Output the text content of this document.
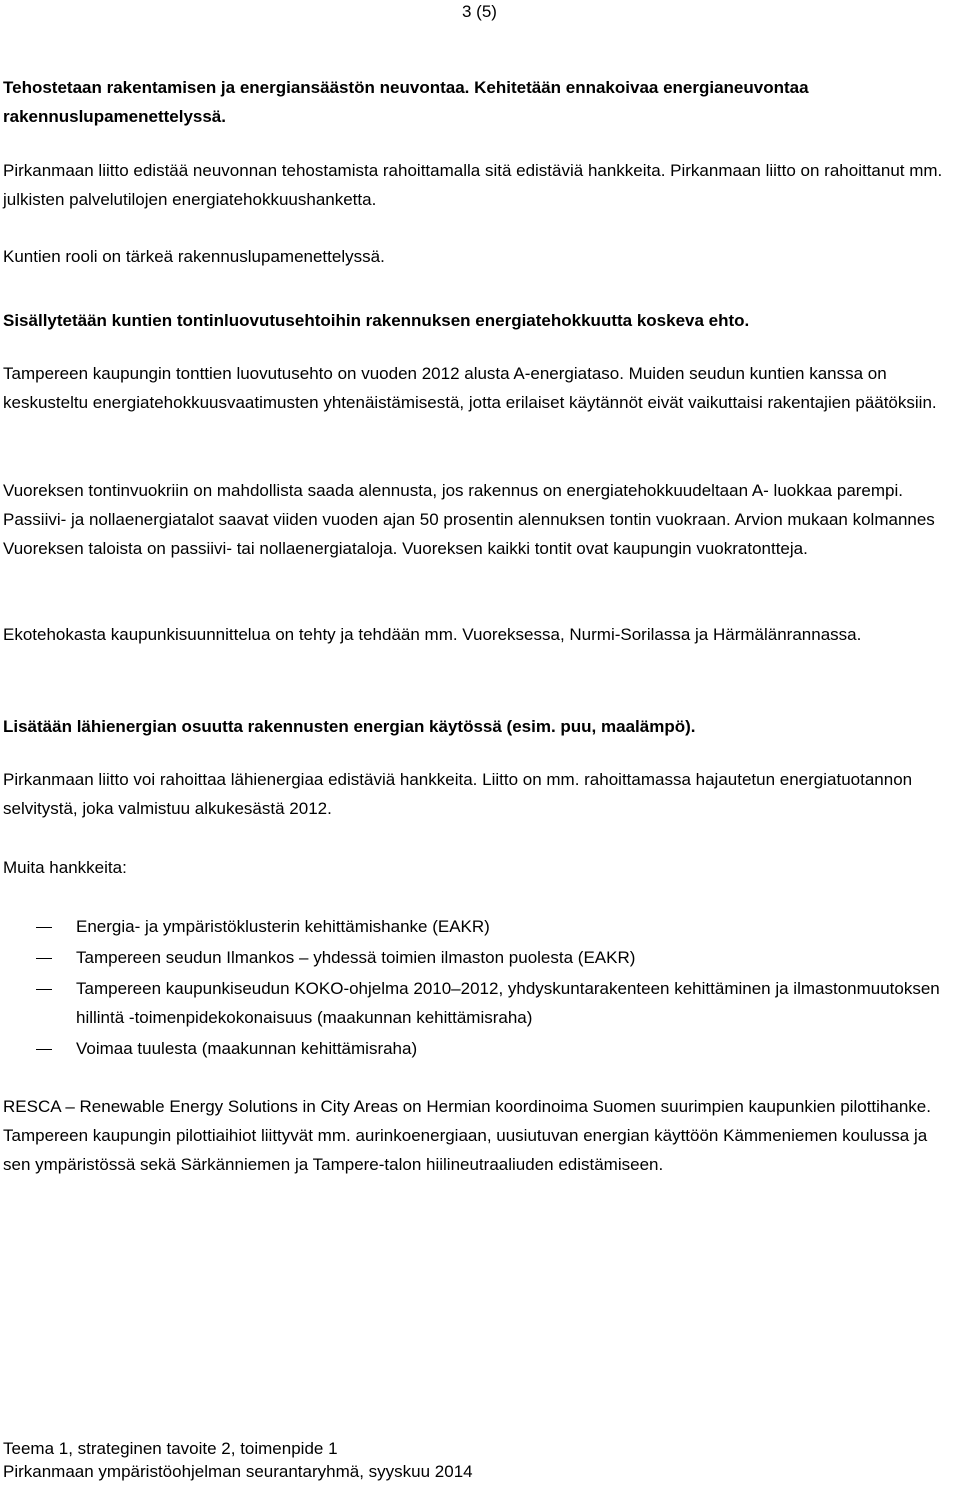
3 (5)

Tehostetaan rakentamisen ja energiansäästön neuvontaa. Kehitetään ennakoivaa energianeuvontaa rakennuslupamenettelyssä.

Pirkanmaan liitto edistää neuvonnan tehostamista rahoittamalla sitä edistäviä hankkeita. Pirkanmaan liitto on rahoittanut mm. julkisten palvelutilojen energiatehokkuushanketta.

Kuntien rooli on tärkeä rakennuslupamenettelyssä.

Sisällytetään kuntien tontinluovutusehtoihin rakennuksen energiatehokkuutta koskeva ehto.

Tampereen kaupungin tonttien luovutusehto on vuoden 2012 alusta A-energiataso. Muiden seudun kuntien kanssa on keskusteltu energiatehokkuusvaatimusten yhtenäistämisestä, jotta erilaiset käytännöt eivät vaikuttaisi rakentajien päätöksiin.

Vuoreksen tontinvuokriin on mahdollista saada alennusta, jos rakennus on energiatehokkuudeltaan A- luokkaa parempi. Passiivi- ja nollaenergiatalot saavat viiden vuoden ajan 50 prosentin alennuksen tontin vuokraan. Arvion mukaan kolmannes Vuoreksen taloista on passiivi- tai nollaenergiataloja. Vuoreksen kaikki tontit ovat kaupungin vuokratontteja.

Ekotehokasta kaupunkisuunnittelua on tehty ja tehdään mm. Vuoreksessa, Nurmi-Sorilassa ja Härmälänrannassa.

Lisätään lähienergian osuutta rakennusten energian käytössä (esim. puu, maalämpö).

Pirkanmaan liitto voi rahoittaa lähienergiaa edistäviä hankkeita. Liitto on mm. rahoittamassa hajautetun energiatuotannon selvitystä, joka valmistuu alkukesästä 2012.

Muita hankkeita:

Energia- ja ympäristöklusterin kehittämishanke (EAKR)
Tampereen seudun Ilmankos – yhdessä toimien ilmaston puolesta (EAKR)
Tampereen kaupunkiseudun KOKO-ohjelma 2010–2012, yhdyskuntarakenteen kehittäminen ja ilmastonmuutoksen hillintä -toimenpidekokonaisuus (maakunnan kehittämisraha)
Voimaa tuulesta (maakunnan kehittämisraha)

RESCA – Renewable Energy Solutions in City Areas on Hermian koordinoima Suomen suurimpien kaupunkien pilottihanke. Tampereen kaupungin pilottiaihiot liittyvät mm. aurinkoenergiaan, uusiutuvan energian käyttöön Kämmeniemen koulussa ja sen ympäristössä sekä Särkänniemen ja Tampere-talon hiilineutraaliuden edistämiseen.

Teema 1, strateginen tavoite 2, toimenpide 1
Pirkanmaan ympäristöohjelman seurantaryhmä, syyskuu 2014
